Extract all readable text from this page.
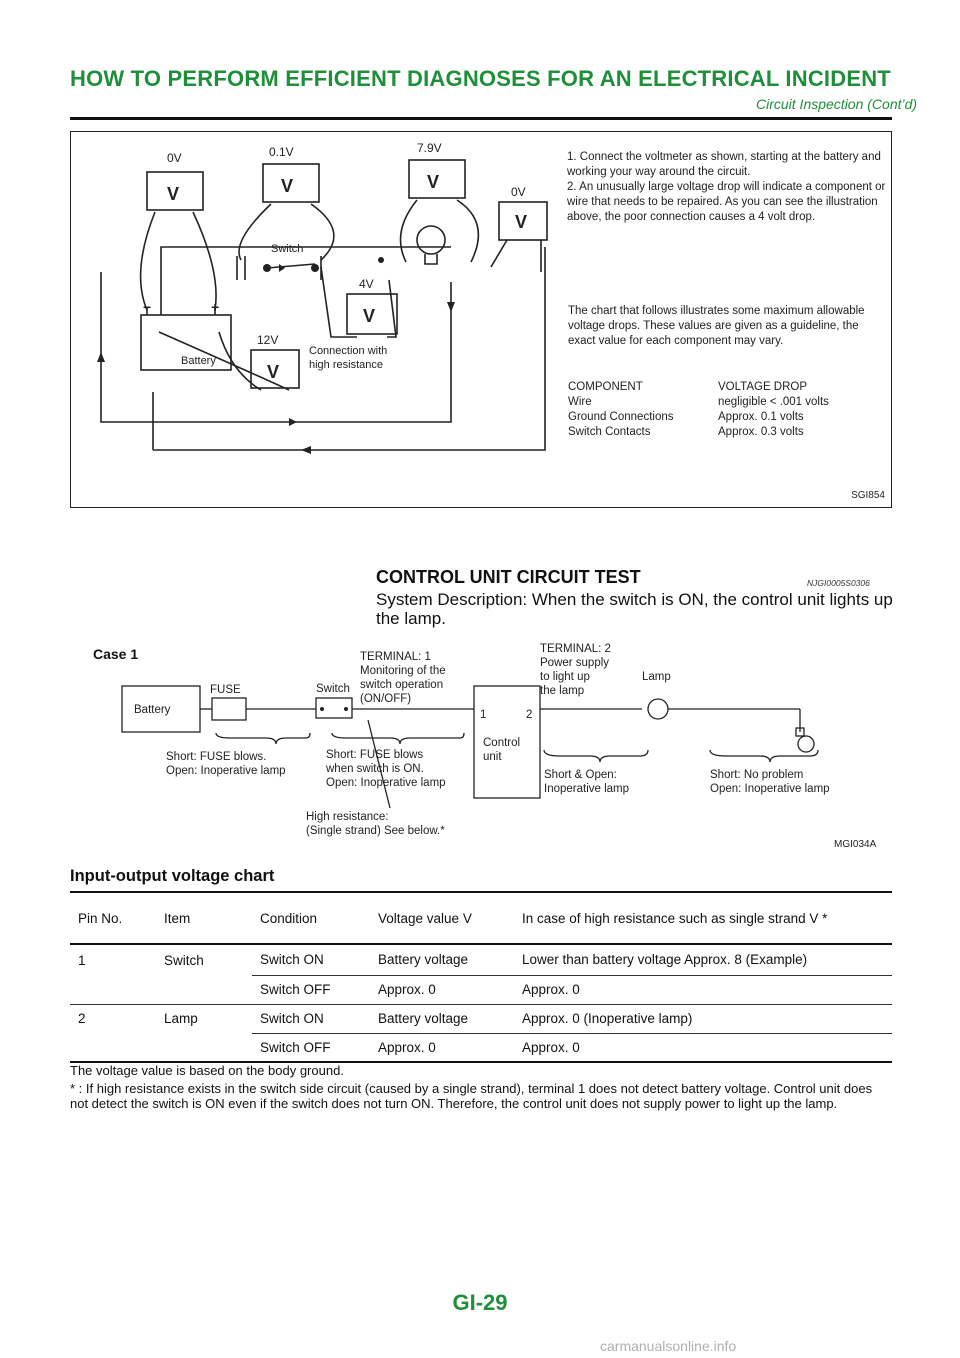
HOW TO PERFORM EFFICIENT DIAGNOSES FOR AN ELECTRICAL INCIDENT
Circuit Inspection (Cont’d)
0V	0.1V	7.9V
0V
4V
12V
Switch
Battery
Connection with
high resistance
V	V	V
V
V
V
+
−
SGI854

1. Connect the voltmeter as shown, starting at the battery and working your way around the circuit.

2. An unusually large voltage drop will indicate a component or wire that needs to be repaired. As you can see the illustration above, the poor connection causes a 4 volt drop.

The chart that follows illustrates some maximum allowable voltage drops. These values are given as a guideline, the exact value for each component may vary.
COMPONENT	VOLTAGE DROP
Wire	negligible < .001 volts
Ground Connections	Approx. 0.1 volts
Switch Contacts	Approx. 0.3 volts
CONTROL UNIT CIRCUIT TEST	NJGI0005S0306
System Description: When the switch is ON, the control unit lights up the lamp.
Case 1
Battery
FUSE	Switch
Lamp
Control
unit
1	2
TERMINAL: 1
Monitoring of the
switch operation
(ON/OFF)
TERMINAL: 2
Power supply
to light up
the lamp
Short: FUSE blows.
Open: Inoperative lamp
Short: FUSE blows
when switch is ON.
Open: Inoperative lamp
High resistance:
(Single strand) See below.*
Short & Open:
Inoperative lamp
Short: No problem
Open: Inoperative lamp
MGI034A
Input-output voltage chart
Pin No.	Item	Condition	Voltage value V	In case of high resistance such as single strand V *
1	Switch	Switch ON	Battery voltage	Lower than battery voltage Approx. 8 (Example)
		Switch OFF	Approx. 0	Approx. 0
2	Lamp	Switch ON	Battery voltage	Approx. 0 (Inoperative lamp)
		Switch OFF	Approx. 0	Approx. 0

The voltage value is based on the body ground.

* : If high resistance exists in the switch side circuit (caused by a single strand), terminal 1 does not detect battery voltage. Control unit does not detect the switch is ON even if the switch does not turn ON. Therefore, the control unit does not supply power to light up the lamp.

GI-29
carmanualsonline.info
